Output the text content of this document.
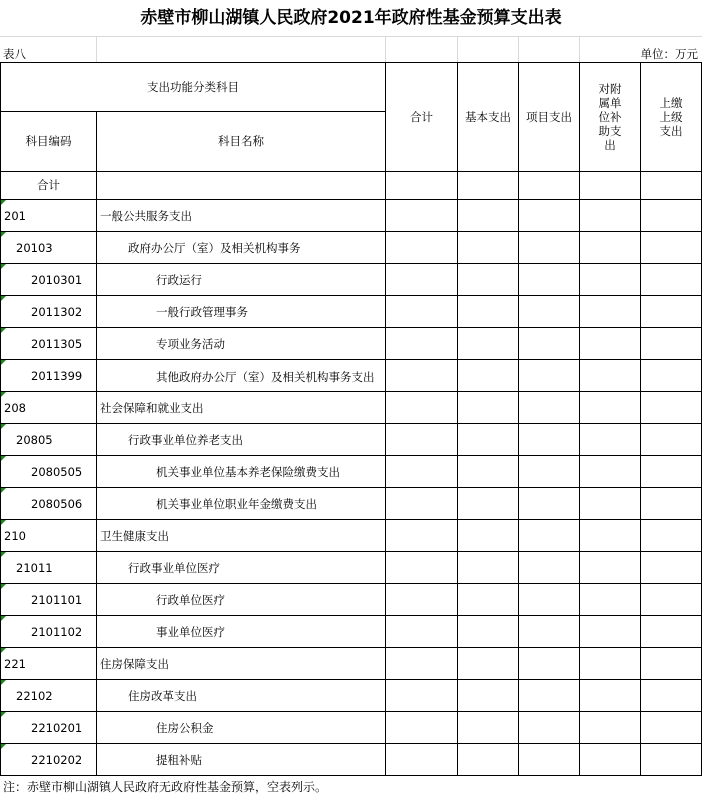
赤壁市柳山湖镇人民政府2021年政府性基金预算支出表
表八	单位：万元
支出功能分类科目		合计	基本支出	项目支出	对附属单位补助支出	上缴上级支出

科目编码	科目名称					
合计						
201	一般公共服务支出					
20103	政府办公厅（室）及相关机构事务					
2010301	行政运行					
2011302	一般行政管理事务					
2011305	专项业务活动					
2011399	其他政府办公厅（室）及相关机构事务支出					
208	社会保障和就业支出					
20805	行政事业单位养老支出					
2080505	机关事业单位基本养老保险缴费支出					
2080506	机关事业单位职业年金缴费支出					
210	卫生健康支出					
21011	行政事业单位医疗					
2101101	行政单位医疗					
2101102	事业单位医疗					
221	住房保障支出					
22102	住房改革支出					
2210201	住房公积金					
2210202	提租补贴					
注：赤壁市柳山湖镇人民政府无政府性基金预算，空表列示。
